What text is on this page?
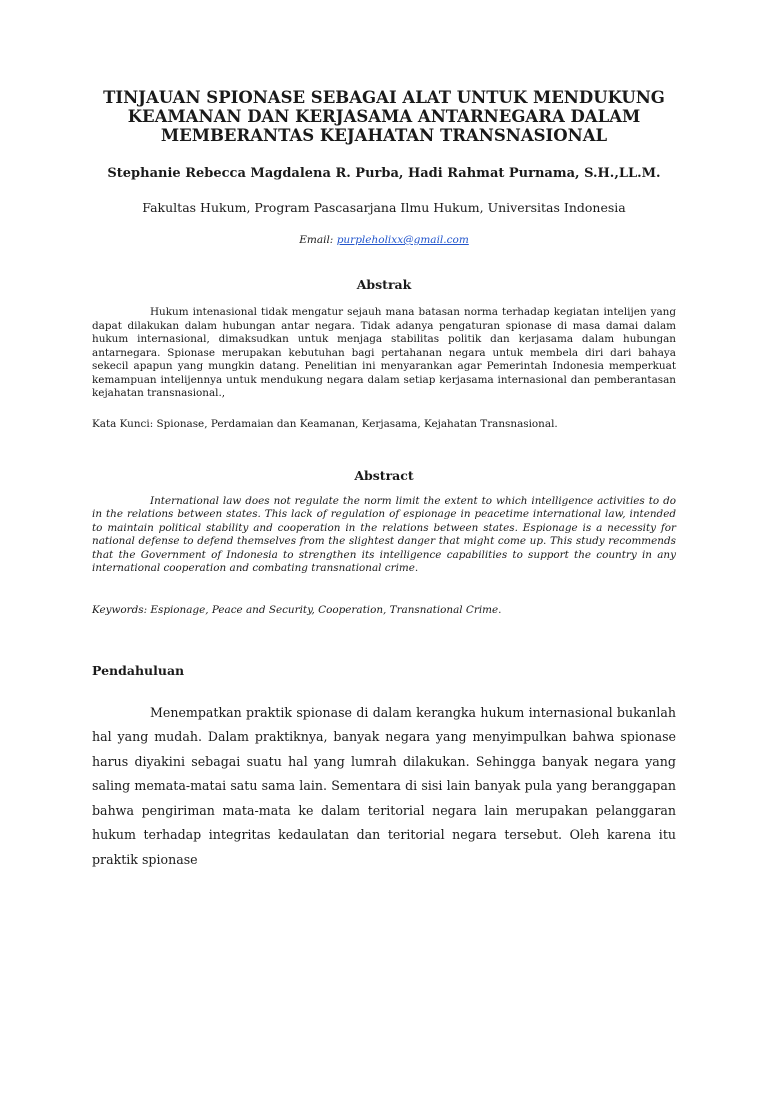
TINJAUAN SPIONASE SEBAGAI ALAT UNTUK MENDUKUNG
KEAMANAN DAN KERJASAMA ANTARNEGARA DALAM
MEMBERANTAS KEJAHATAN TRANSNASIONAL
Stephanie Rebecca Magdalena R. Purba, Hadi Rahmat Purnama, S.H.,LL.M.
Fakultas Hukum, Program Pascasarjana Ilmu Hukum, Universitas Indonesia
Email: purpleholixx@gmail.com
Abstrak

Hukum intenasional tidak mengatur sejauh mana batasan norma terhadap kegiatan intelijen yang dapat dilakukan dalam hubungan antar negara. Tidak adanya pengaturan spionase di masa damai dalam hukum internasional, dimaksudkan untuk menjaga stabilitas politik dan kerjasama dalam hubungan antarnegara. Spionase merupakan kebutuhan bagi pertahanan negara untuk membela diri dari bahaya sekecil apapun yang mungkin datang. Penelitian ini menyarankan agar Pemerintah Indonesia memperkuat kemampuan intelijennya untuk mendukung negara dalam setiap kerjasama internasional dan pemberantasan kejahatan transnasional.,

Kata Kunci: Spionase, Perdamaian dan Keamanan, Kerjasama, Kejahatan Transnasional.

Abstract

International law does not regulate the norm limit the extent to which intelligence activities to do in the relations between states. This lack of regulation of espionage in peacetime international law, intended to maintain political stability and cooperation in the relations between states. Espionage is a necessity for national defense to defend themselves from the slightest danger that might come up. This study recommends that the Government of Indonesia to strengthen its intelligence capabilities to support the country in any international cooperation and combating transnational crime.

Keywords: Espionage, Peace and Security, Cooperation, Transnational Crime.

Pendahuluan

Menempatkan praktik spionase di dalam kerangka hukum internasional bukanlah hal yang mudah. Dalam praktiknya, banyak negara yang menyimpulkan bahwa spionase harus diyakini sebagai suatu hal yang lumrah dilakukan. Sehingga banyak negara yang saling memata-matai satu sama lain. Sementara di sisi lain banyak pula yang beranggapan bahwa pengiriman mata-mata ke dalam teritorial negara lain merupakan pelanggaran hukum terhadap integritas kedaulatan dan teritorial negara tersebut. Oleh karena itu praktik spionase
